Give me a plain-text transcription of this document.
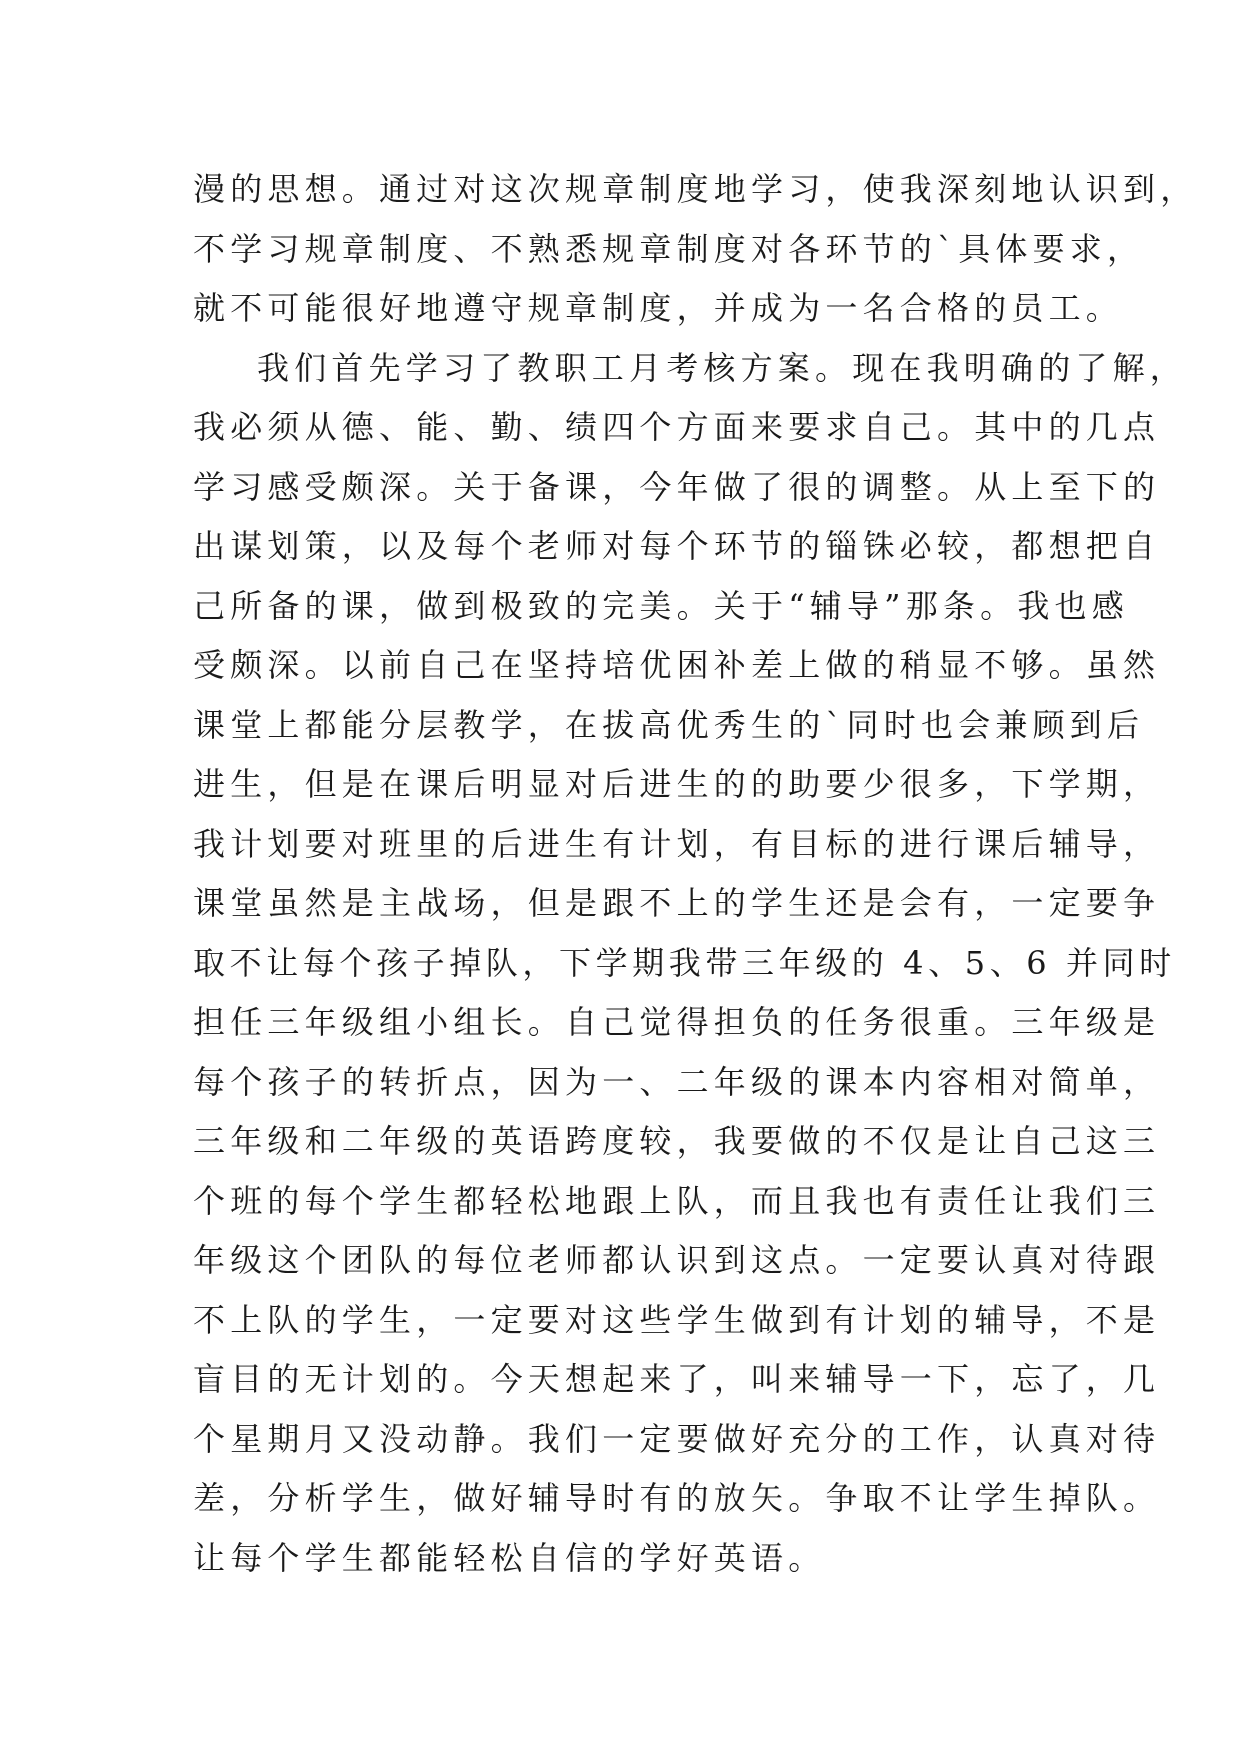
漫的思想。通过对这次规章制度地学习，使我深刻地认识到，
不学习规章制度、不熟悉规章制度对各环节的`具体要求，
就不可能很好地遵守规章制度，并成为一名合格的员工。
我们首先学习了教职工月考核方案。现在我明确的了解，
我必须从德、能、勤、绩四个方面来要求自己。其中的几点
学习感受颇深。关于备课，今年做了很的调整。从上至下的
出谋划策，以及每个老师对每个环节的锱铢必较，都想把自
己所备的课，做到极致的完美。关于“辅导”那条。我也感
受颇深。以前自己在坚持培优困补差上做的稍显不够。虽然
课堂上都能分层教学，在拔高优秀生的`同时也会兼顾到后
进生，但是在课后明显对后进生的的助要少很多，下学期，
我计划要对班里的后进生有计划，有目标的进行课后辅导，
课堂虽然是主战场，但是跟不上的学生还是会有，一定要争
取不让每个孩子掉队，下学期我带三年级的 4、5、6 并同时
担任三年级组小组长。自己觉得担负的任务很重。三年级是
每个孩子的转折点，因为一、二年级的课本内容相对简单，
三年级和二年级的英语跨度较，我要做的不仅是让自己这三
个班的每个学生都轻松地跟上队，而且我也有责任让我们三
年级这个团队的每位老师都认识到这点。一定要认真对待跟
不上队的学生，一定要对这些学生做到有计划的辅导，不是
盲目的无计划的。今天想起来了，叫来辅导一下，忘了，几
个星期月又没动静。我们一定要做好充分的工作，认真对待
差，分析学生，做好辅导时有的放矢。争取不让学生掉队。
让每个学生都能轻松自信的学好英语。
